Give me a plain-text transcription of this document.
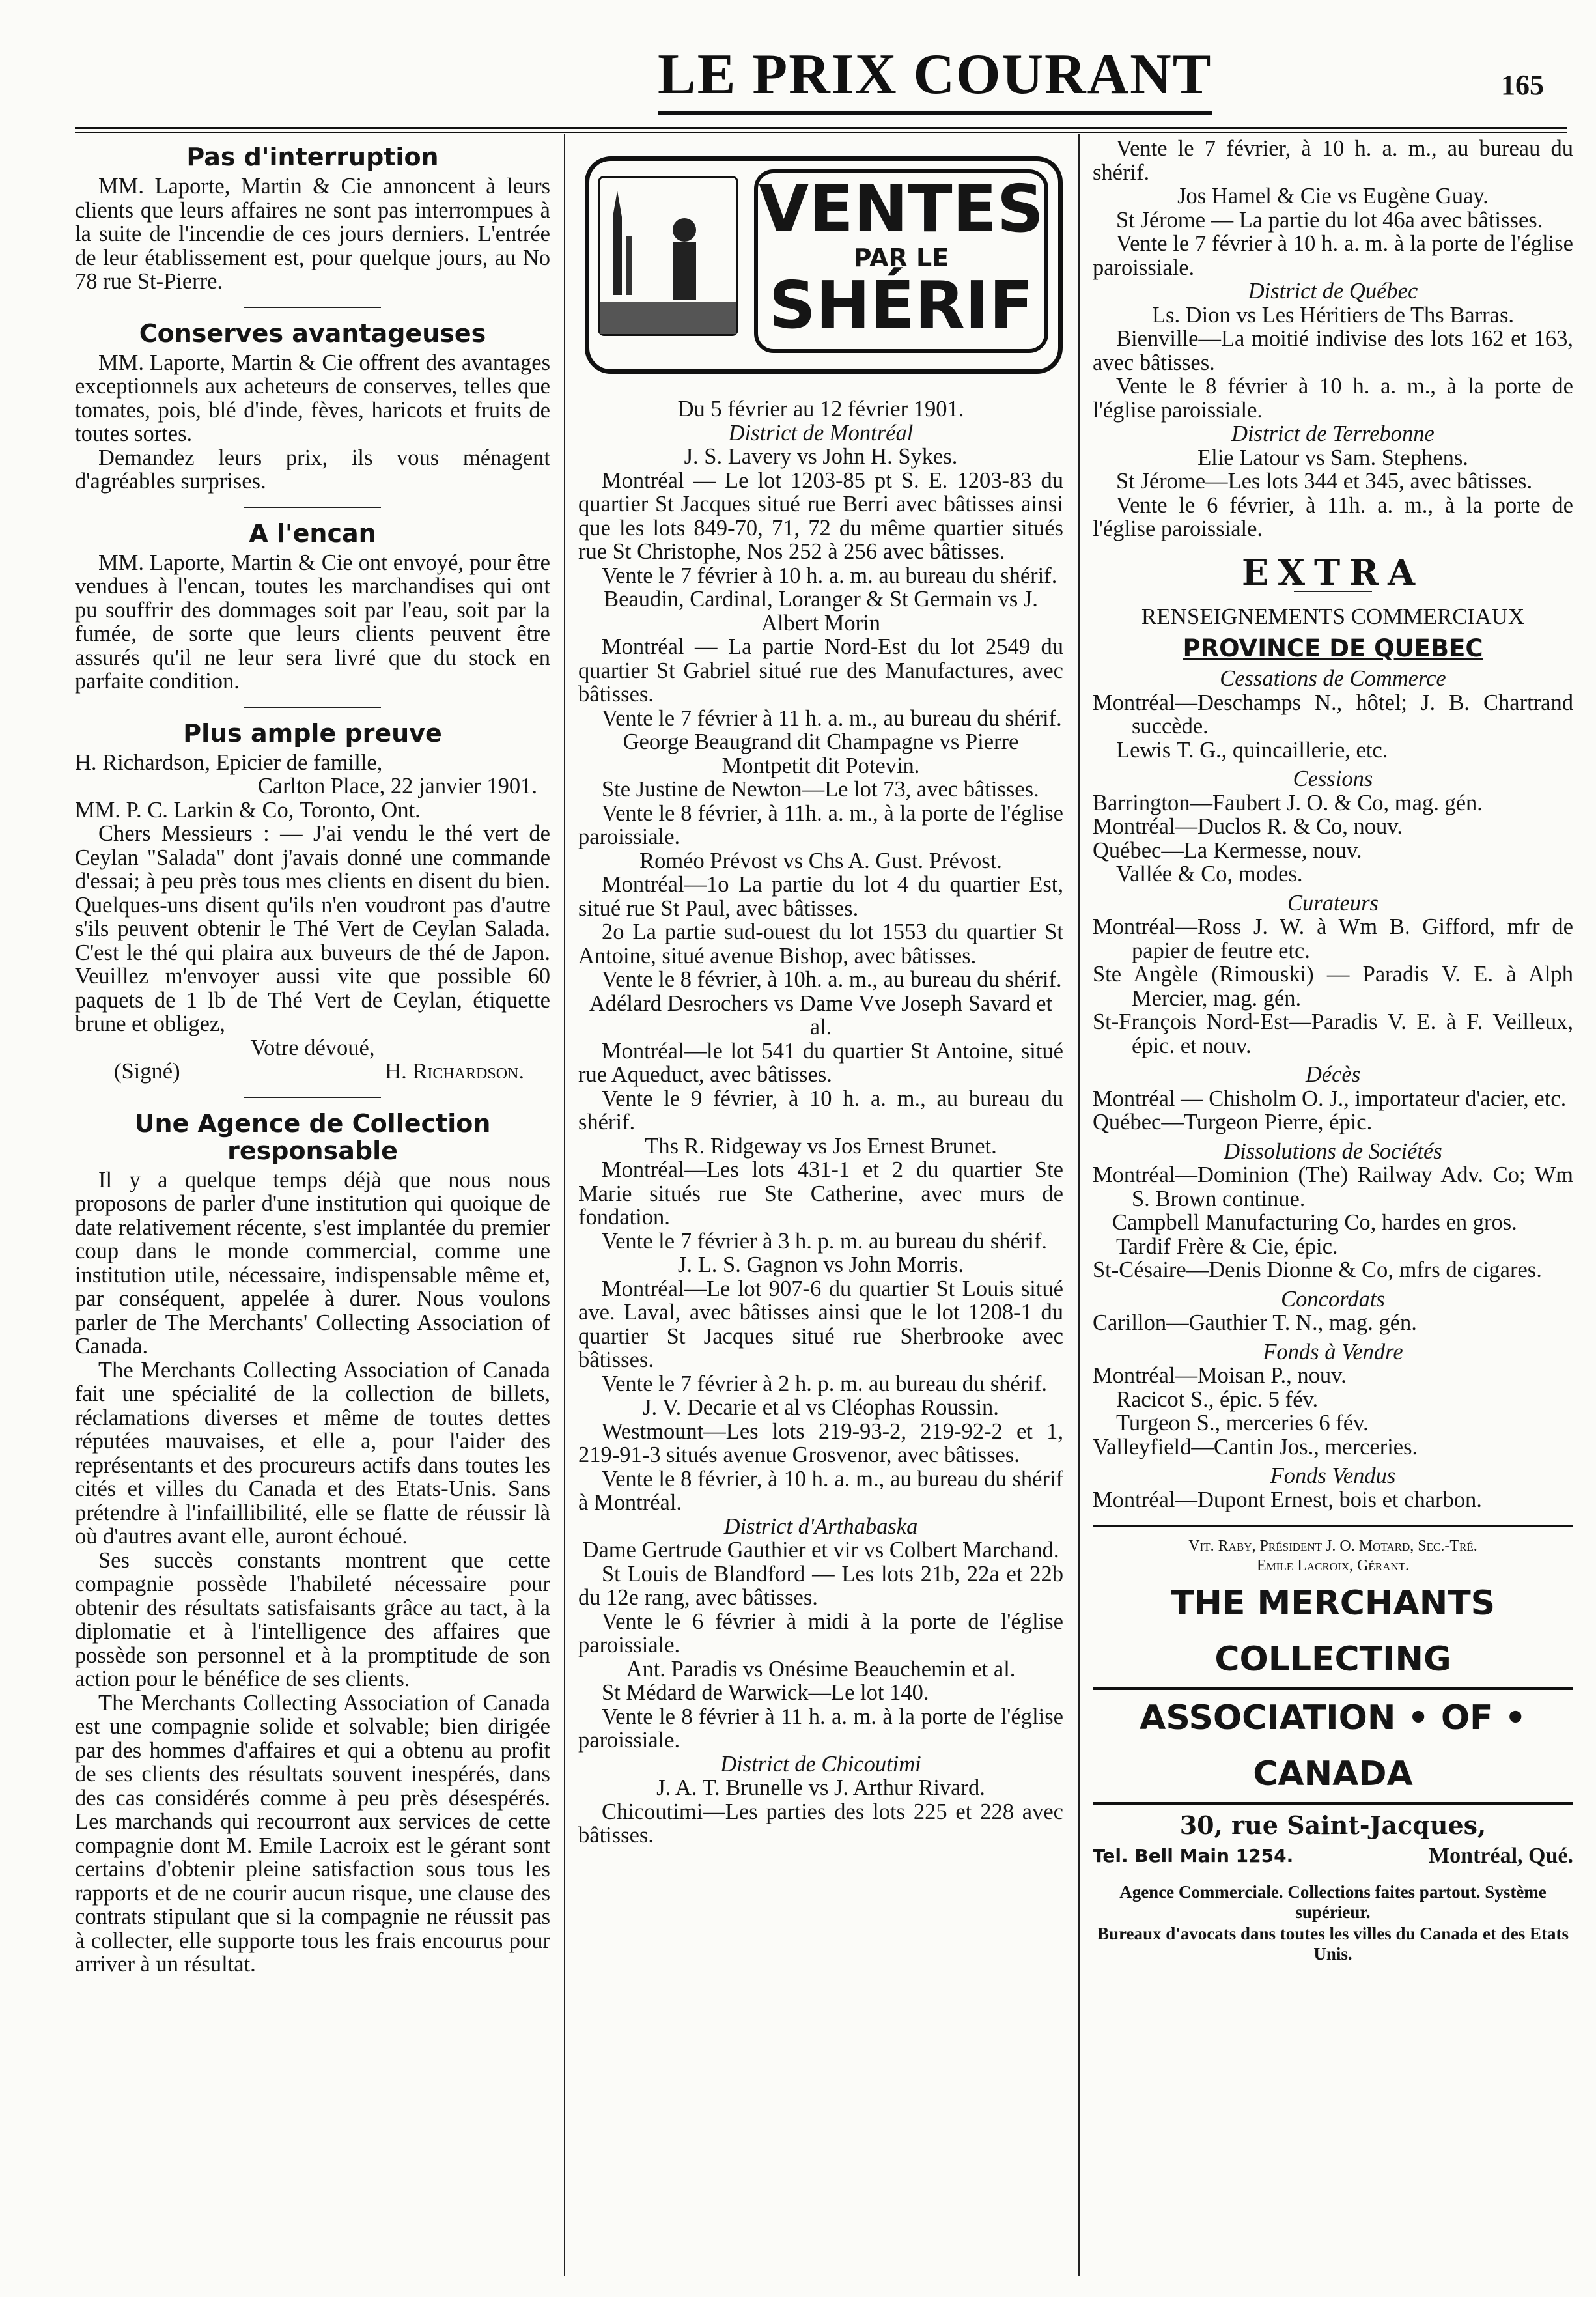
LE PRIX COURANT	165
Pas d'interruption

MM. Laporte, Martin & Cie annoncent à leurs clients que leurs affaires ne sont pas interrompues à la suite de l'incendie de ces jours derniers. L'entrée de leur établissement est, pour quelque jours, au No 78 rue St-Pierre.

Conserves avantageuses

MM. Laporte, Martin & Cie offrent des avantages exceptionnels aux acheteurs de conserves, telles que tomates, pois, blé d'inde, fèves, haricots et fruits de toutes sortes.

Demandez leurs prix, ils vous ménagent d'agréables surprises.

A l'encan

MM. Laporte, Martin & Cie ont envoyé, pour être vendues à l'encan, toutes les marchandises qui ont pu souffrir des dommages soit par l'eau, soit par la fumée, de sorte que leurs clients peuvent être assurés qu'il ne leur sera livré que du stock en parfaite condition.

Plus ample preuve

H. Richardson, Epicier de famille,

Carlton Place, 22 janvier 1901.

MM. P. C. Larkin & Co, Toronto, Ont.

Chers Messieurs : — J'ai vendu le thé vert de Ceylan "Salada" dont j'avais donné une commande d'essai; à peu près tous mes clients en disent du bien. Quelques-uns disent qu'ils n'en voudront pas d'autre s'ils peuvent obtenir le Thé Vert de Ceylan Salada. C'est le thé qui plaira aux buveurs de thé de Japon. Veuillez m'envoyer aussi vite que possible 60 paquets de 1 lb de Thé Vert de Ceylan, étiquette brune et obligez,

Votre dévoué,

(Signé)	H. Richardson.
Une Agence de Collection responsable

Il y a quelque temps déjà que nous nous proposons de parler d'une institution qui quoique de date relativement récente, s'est implantée du premier coup dans le monde commercial, comme une institution utile, nécessaire, indispensable même et, par conséquent, appelée à durer. Nous voulons parler de The Merchants' Collecting Association of Canada.

The Merchants Collecting Association of Canada fait une spécialité de la collection de billets, réclamations diverses et même de toutes dettes réputées mauvaises, et elle a, pour l'aider des représentants et des procureurs actifs dans toutes les cités et villes du Canada et des Etats-Unis. Sans prétendre à l'infaillibilité, elle se flatte de réussir là où d'autres avant elle, auront échoué.

Ses succès constants montrent que cette compagnie possède l'habileté nécessaire pour obtenir des résultats satisfaisants grâce au tact, à la diplomatie et à l'intelligence des affaires que possède son personnel et à la promptitude de son action pour le bénéfice de ses clients.

The Merchants Collecting Association of Canada est une compagnie solide et solvable; bien dirigée par des hommes d'affaires et qui a obtenu au profit de ses clients des résultats souvent inespérés, dans des cas considérés comme à peu près désespérés. Les marchands qui recourront aux services de cette compagnie dont M. Emile Lacroix est le gérant sont certains d'obtenir pleine satisfaction sous tous les rapports et de ne courir aucun risque, une clause des contrats stipulant que si la compagnie ne réussit pas à collecter, elle supporte tous les frais encourus pour arriver à un résultat.

VENTES
PAR LE
SHÉRIF

Du 5 février au 12 février 1901.

District de Montréal

J. S. Lavery vs John H. Sykes.

Montréal — Le lot 1203-85 pt S. E. 1203-83 du quartier St Jacques situé rue Berri avec bâtisses ainsi que les lots 849-70, 71, 72 du même quartier situés rue St Christophe, Nos 252 à 256 avec bâtisses.

Vente le 7 février à 10 h. a. m. au bureau du shérif.

Beaudin, Cardinal, Loranger & St Germain vs J. Albert Morin

Montréal — La partie Nord-Est du lot 2549 du quartier St Gabriel situé rue des Manufactures, avec bâtisses.

Vente le 7 février à 11 h. a. m., au bureau du shérif.

George Beaugrand dit Champagne vs Pierre Montpetit dit Potevin.

Ste Justine de Newton—Le lot 73, avec bâtisses.

Vente le 8 février, à 11h. a. m., à la porte de l'église paroissiale.

Roméo Prévost vs Chs A. Gust. Prévost.

Montréal—1o La partie du lot 4 du quartier Est, situé rue St Paul, avec bâtisses.

2o La partie sud-ouest du lot 1553 du quartier St Antoine, situé avenue Bishop, avec bâtisses.

Vente le 8 février, à 10h. a. m., au bureau du shérif.

Adélard Desrochers vs Dame Vve Joseph Savard et al.

Montréal—le lot 541 du quartier St Antoine, situé rue Aqueduct, avec bâtisses.

Vente le 9 février, à 10 h. a. m., au bureau du shérif.

Ths R. Ridgeway vs Jos Ernest Brunet.

Montréal—Les lots 431-1 et 2 du quartier Ste Marie situés rue Ste Catherine, avec murs de fondation.

Vente le 7 février à 3 h. p. m. au bureau du shérif.

J. L. S. Gagnon vs John Morris.

Montréal—Le lot 907-6 du quartier St Louis situé ave. Laval, avec bâtisses ainsi que le lot 1208-1 du quartier St Jacques situé rue Sherbrooke avec bâtisses.

Vente le 7 février à 2 h. p. m. au bureau du shérif.

J. V. Decarie et al vs Cléophas Roussin.

Westmount—Les lots 219-93-2, 219-92-2 et 1, 219-91-3 situés avenue Grosvenor, avec bâtisses.

Vente le 8 février, à 10 h. a. m., au bureau du shérif à Montréal.

District d'Arthabaska

Dame Gertrude Gauthier et vir vs Colbert Marchand.

St Louis de Blandford — Les lots 21b, 22a et 22b du 12e rang, avec bâtisses.

Vente le 6 février à midi à la porte de l'église paroissiale.

Ant. Paradis vs Onésime Beauchemin et al.

St Médard de Warwick—Le lot 140.

Vente le 8 février à 11 h. a. m. à la porte de l'église paroissiale.

District de Chicoutimi

J. A. T. Brunelle vs J. Arthur Rivard.

Chicoutimi—Les parties des lots 225 et 228 avec bâtisses.

Vente le 7 février, à 10 h. a. m., au bureau du shérif.

Jos Hamel & Cie vs Eugène Guay.

St Jérome — La partie du lot 46a avec bâtisses.

Vente le 7 février à 10 h. a. m. à la porte de l'église paroissiale.

District de Québec

Ls. Dion vs Les Héritiers de Ths Barras.

Bienville—La moitié indivise des lots 162 et 163, avec bâtisses.

Vente le 8 février à 10 h. a. m., à la porte de l'église paroissiale.

District de Terrebonne

Elie Latour vs Sam. Stephens.

St Jérome—Les lots 344 et 345, avec bâtisses.

Vente le 6 février, à 11h. a. m., à la porte de l'église paroissiale.

EXTRA

RENSEIGNEMENTS COMMERCIAUX

PROVINCE DE QUEBEC

Cessations de Commerce

Montréal—Deschamps N., hôtel; J. B. Chartrand succède.

Lewis T. G., quincaillerie, etc.

Cessions

Barrington—Faubert J. O. & Co, mag. gén.

Montréal—Duclos R. & Co, nouv.

Québec—La Kermesse, nouv.

Vallée & Co, modes.

Curateurs

Montréal—Ross J. W. à Wm B. Gifford, mfr de papier de feutre etc.

Ste Angèle (Rimouski) — Paradis V. E. à Alph Mercier, mag. gén.

St-François Nord-Est—Paradis V. E. à F. Veilleux, épic. et nouv.

Décès

Montréal — Chisholm O. J., importateur d'acier, etc.

Québec—Turgeon Pierre, épic.

Dissolutions de Sociétés

Montréal—Dominion (The) Railway Adv. Co; Wm S. Brown continue.

Campbell Manufacturing Co, hardes en gros.

Tardif Frère & Cie, épic.

St-Césaire—Denis Dionne & Co, mfrs de cigares.

Concordats

Carillon—Gauthier T. N., mag. gén.

Fonds à Vendre

Montréal—Moisan P., nouv.

Racicot S., épic. 5 fév.

Turgeon S., merceries 6 fév.

Valleyfield—Cantin Jos., merceries.

Fonds Vendus

Montréal—Dupont Ernest, bois et charbon.

Vit. Raby, Président J. O. Motard, Sec.-Tré.

Emile Lacroix, Gérant.

THE MERCHANTS COLLECTING

ASSOCIATION • OF • CANADA

30, rue Saint-Jacques,

Tel. Bell Main 1254.	Montréal, Qué.

Agence Commerciale. Collections faites partout. Système supérieur.

Bureaux d'avocats dans toutes les villes du Canada et des Etats Unis.
